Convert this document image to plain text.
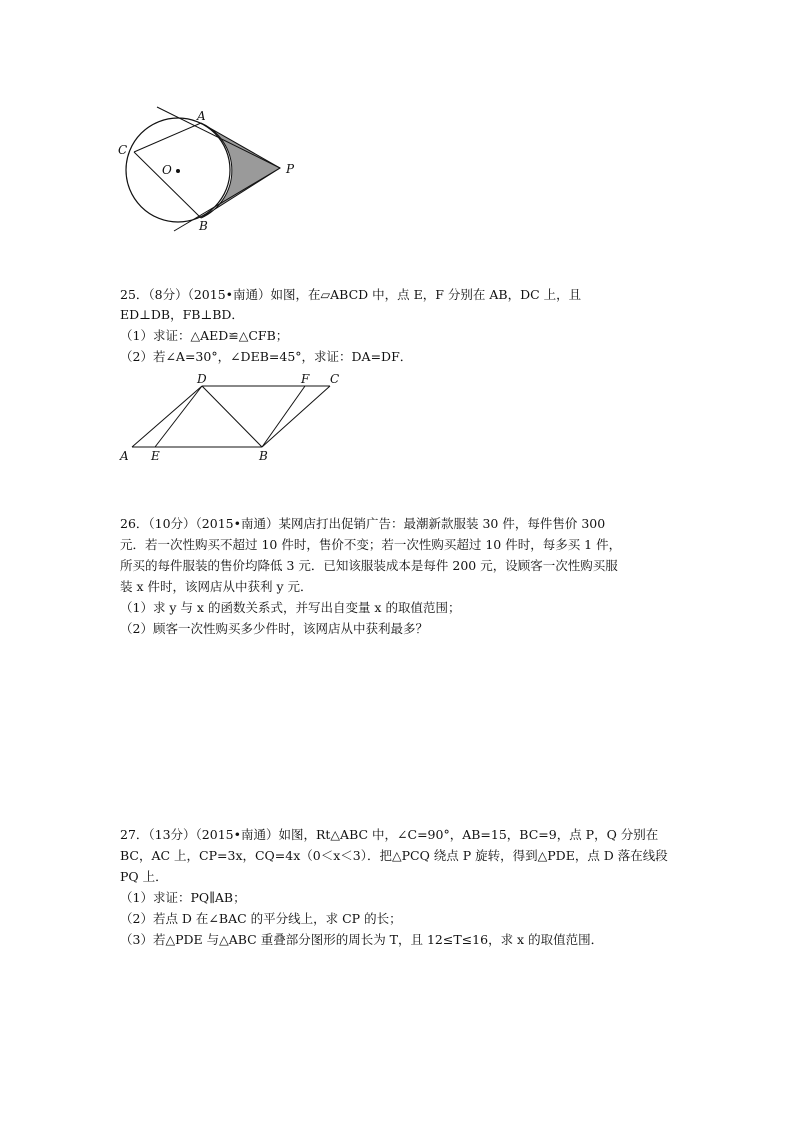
A
B
C
O	P
25．（8分）（2015•南通）如图，在▱ABCD 中，点 E，F 分别在 AB，DC 上，且
ED⊥DB，FB⊥BD．
（1）求证：△AED≌△CFB；
（2）若∠A=30°，∠DEB=45°，求证：DA=DF．
D	F C
A E	B
26．（10分）（2015•南通）某网店打出促销广告：最潮新款服装 30 件，每件售价 300
元．若一次性购买不超过 10 件时，售价不变；若一次性购买超过 10 件时，每多买 1 件，
所买的每件服装的售价均降低 3 元．已知该服装成本是每件 200 元，设顾客一次性购买服
装 x 件时，该网店从中获利 y 元．
（1）求 y 与 x 的函数关系式，并写出自变量 x 的取值范围；
（2）顾客一次性购买多少件时，该网店从中获利最多？
27．（13分）（2015•南通）如图，Rt△ABC 中，∠C=90°，AB=15，BC=9，点 P，Q 分别在
BC，AC 上，CP=3x，CQ=4x（0＜x＜3）．把△PCQ 绕点 P 旋转，得到△PDE，点 D 落在线段
PQ 上．
（1）求证：PQ∥AB；
（2）若点 D 在∠BAC 的平分线上，求 CP 的长；
（3）若△PDE 与△ABC 重叠部分图形的周长为 T，且 12≤T≤16，求 x 的取值范围．
